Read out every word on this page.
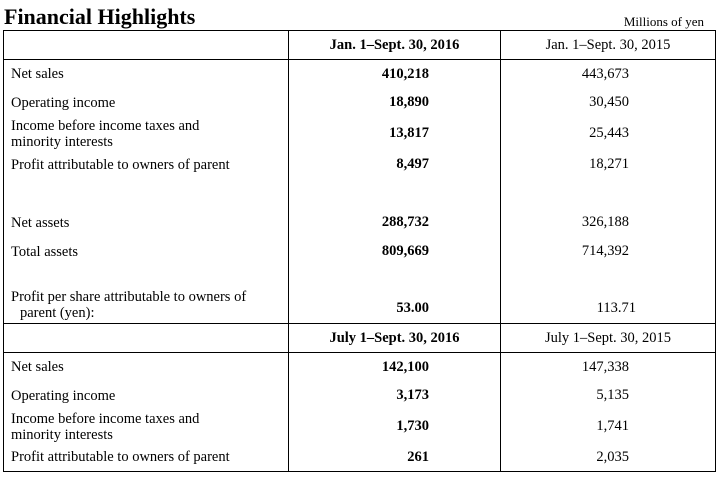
Financial Highlights	Millions of yen
	Jan. 1–Sept. 30, 2016	Jan. 1–Sept. 30, 2015
Net sales	410,218	443,673
Operating income	18,890	30,450
Income before income taxes and
minority interests	13,817	25,443
Profit attributable to owners of parent	8,497	18,271

Net assets	288,732	326,188
Total assets	809,669	714,392

Profit per share attributable to owners of
parent (yen):	53.00	113.71
	July 1–Sept. 30, 2016	July 1–Sept. 30, 2015
Net sales	142,100	147,338
Operating income	3,173	5,135
Income before income taxes and
minority interests	1,730	1,741
Profit attributable to owners of parent	261	2,035
